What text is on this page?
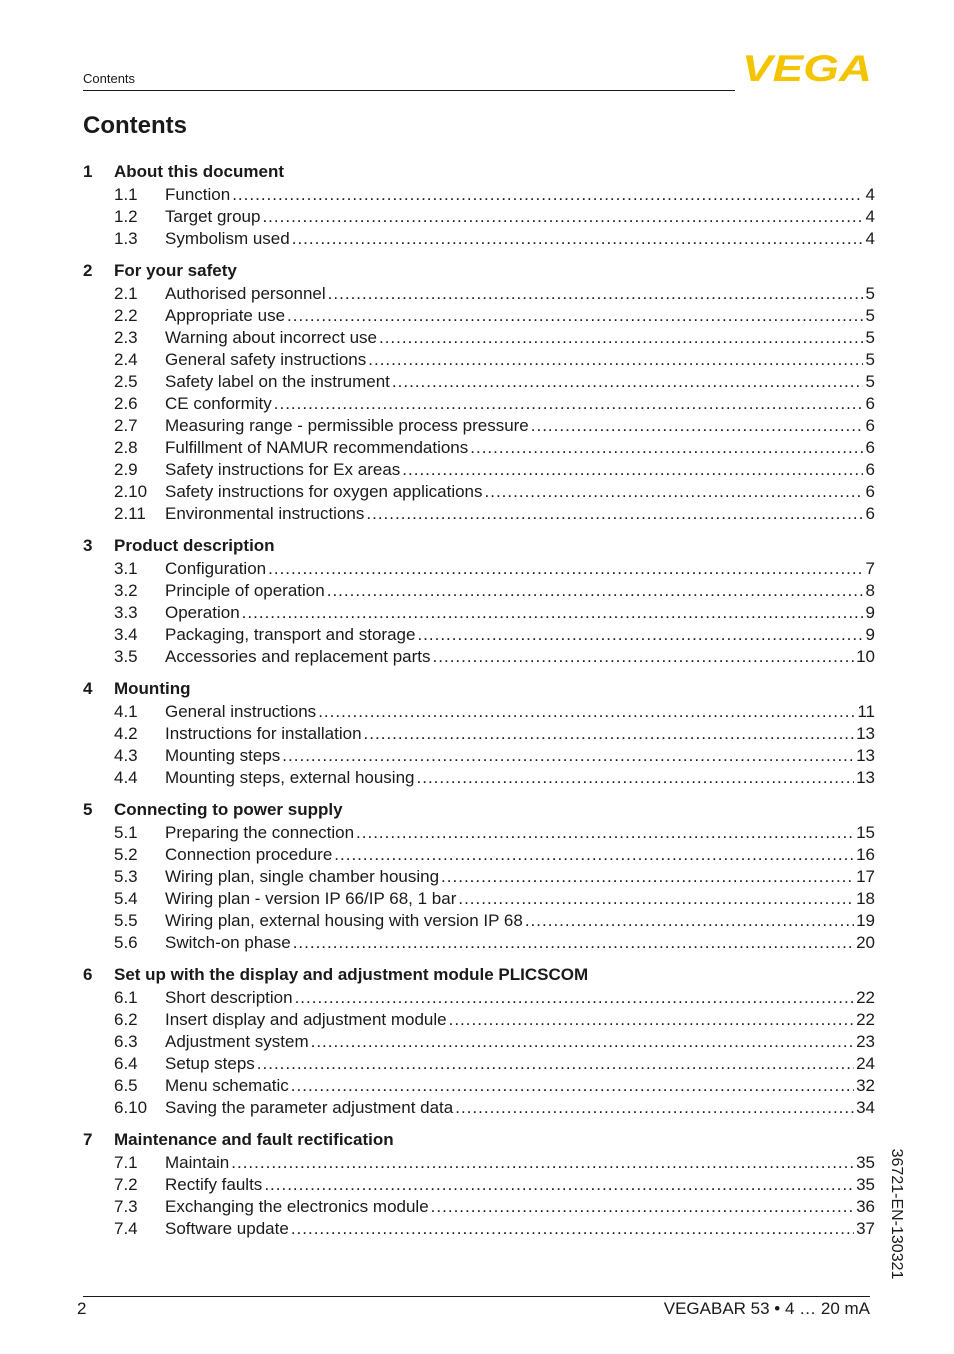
Contents	VEGA
Contents
1	About this document
1.1	Function .....	4
1.2	Target group .....	4
1.3	Symbolism used .....	4
2	For your safety
2.1	Authorised personnel .....	5
2.2	Appropriate use .....	5
2.3	Warning about incorrect use .....	5
2.4	General safety instructions .....	5
2.5	Safety label on the instrument .....	5
2.6	CE conformity .....	6
2.7	Measuring range - permissible process pressure .....	6
2.8	Fulfillment of NAMUR recommendations .....	6
2.9	Safety instructions for Ex areas .....	6
2.10	Safety instructions for oxygen applications .....	6
2.11	Environmental instructions .....	6
3	Product description
3.1	Configuration .....	7
3.2	Principle of operation .....	8
3.3	Operation .....	9
3.4	Packaging, transport and storage .....	9
3.5	Accessories and replacement parts .....	10
4	Mounting
4.1	General instructions .....	11
4.2	Instructions for installation .....	13
4.3	Mounting steps .....	13
4.4	Mounting steps, external housing .....	13
5	Connecting to power supply
5.1	Preparing the connection .....	15
5.2	Connection procedure .....	16
5.3	Wiring plan, single chamber housing .....	17
5.4	Wiring plan - version IP 66/IP 68, 1 bar .....	18
5.5	Wiring plan, external housing with version IP 68 .....	19
5.6	Switch-on phase .....	20
6	Set up with the display and adjustment module PLICSCOM
6.1	Short description .....	22
6.2	Insert display and adjustment module .....	22
6.3	Adjustment system .....	23
6.4	Setup steps .....	24
6.5	Menu schematic .....	32
6.10	Saving the parameter adjustment data .....	34
7	Maintenance and fault rectification
7.1	Maintain .....	35
7.2	Rectify faults .....	35
7.3	Exchanging the electronics module .....	36
7.4	Software update .....	37 36721-EN-130321
2	VEGABAR 53 • 4 … 20 mA
